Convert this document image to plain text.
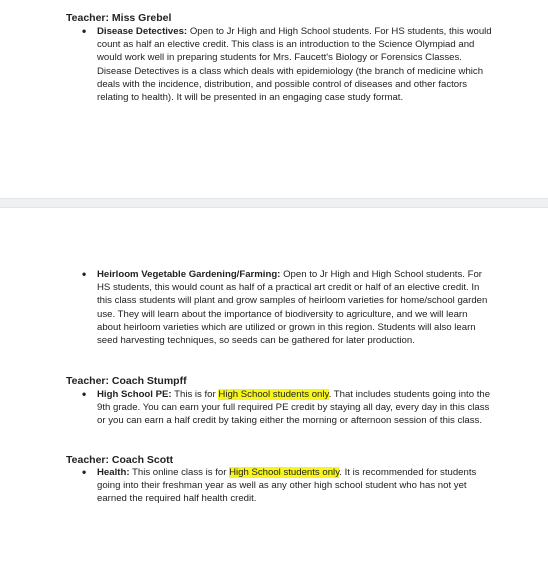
Teacher: Miss Grebel
• Disease Detectives: Open to Jr High and High School students. For HS students, this would count as half an elective credit. This class is an introduction to the Science Olympiad and would work well in preparing students for Mrs. Faucett's Biology or Forensics Classes. Disease Detectives is a class which deals with epidemiology (the branch of medicine which deals with the incidence, distribution, and possible control of diseases and other factors relating to health). It will be presented in an engaging case study format.

• Heirloom Vegetable Gardening/Farming: Open to Jr High and High School students. For HS students, this would count as half of a practical art credit or half of an elective credit. In this class students will plant and grow samples of heirloom varieties for home/school garden use. They will learn about the importance of biodiversity to agriculture, and we will learn about heirloom varieties which are utilized or grown in this region. Students will also learn seed harvesting techniques, so seeds can be gathered for later production.

Teacher: Coach Stumpff
• High School PE: This is for High School students only. That includes students going into the 9th grade. You can earn your full required PE credit by staying all day, every day in this class or you can earn a half credit by taking either the morning or afternoon session of this class.

Teacher: Coach Scott
• Health: This online class is for High School students only. It is recommended for students going into their freshman year as well as any other high school student who has not yet earned the required half health credit.
